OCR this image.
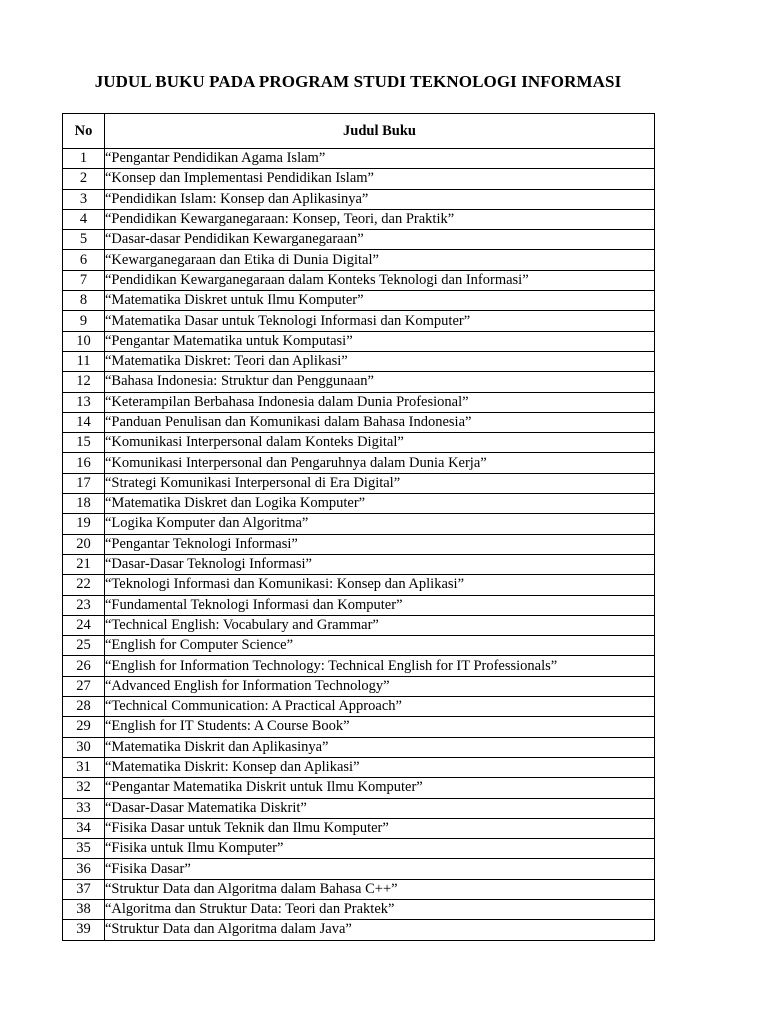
JUDUL BUKU PADA PROGRAM STUDI TEKNOLOGI INFORMASI
No	Judul Buku
1	“Pengantar Pendidikan Agama Islam”
2	“Konsep dan Implementasi Pendidikan Islam”
3	“Pendidikan Islam: Konsep dan Aplikasinya”
4	“Pendidikan Kewarganegaraan: Konsep, Teori, dan Praktik”
5	“Dasar-dasar Pendidikan Kewarganegaraan”
6	“Kewarganegaraan dan Etika di Dunia Digital”
7	“Pendidikan Kewarganegaraan dalam Konteks Teknologi dan Informasi”
8	“Matematika Diskret untuk Ilmu Komputer”
9	“Matematika Dasar untuk Teknologi Informasi dan Komputer”
10	“Pengantar Matematika untuk Komputasi”
11	“Matematika Diskret: Teori dan Aplikasi”
12	“Bahasa Indonesia: Struktur dan Penggunaan”
13	“Keterampilan Berbahasa Indonesia dalam Dunia Profesional”
14	“Panduan Penulisan dan Komunikasi dalam Bahasa Indonesia”
15	“Komunikasi Interpersonal dalam Konteks Digital”
16	“Komunikasi Interpersonal dan Pengaruhnya dalam Dunia Kerja”
17	“Strategi Komunikasi Interpersonal di Era Digital”
18	“Matematika Diskret dan Logika Komputer”
19	“Logika Komputer dan Algoritma”
20	“Pengantar Teknologi Informasi”
21	“Dasar-Dasar Teknologi Informasi”
22	“Teknologi Informasi dan Komunikasi: Konsep dan Aplikasi”
23	“Fundamental Teknologi Informasi dan Komputer”
24	“Technical English: Vocabulary and Grammar”
25	“English for Computer Science”
26	“English for Information Technology: Technical English for IT Professionals”
27	“Advanced English for Information Technology”
28	“Technical Communication: A Practical Approach”
29	“English for IT Students: A Course Book”
30	“Matematika Diskrit dan Aplikasinya”
31	“Matematika Diskrit: Konsep dan Aplikasi”
32	“Pengantar Matematika Diskrit untuk Ilmu Komputer”
33	“Dasar-Dasar Matematika Diskrit”
34	“Fisika Dasar untuk Teknik dan Ilmu Komputer”
35	“Fisika untuk Ilmu Komputer”
36	“Fisika Dasar”
37	“Struktur Data dan Algoritma dalam Bahasa C++”
38	“Algoritma dan Struktur Data: Teori dan Praktek”
39	“Struktur Data dan Algoritma dalam Java”
